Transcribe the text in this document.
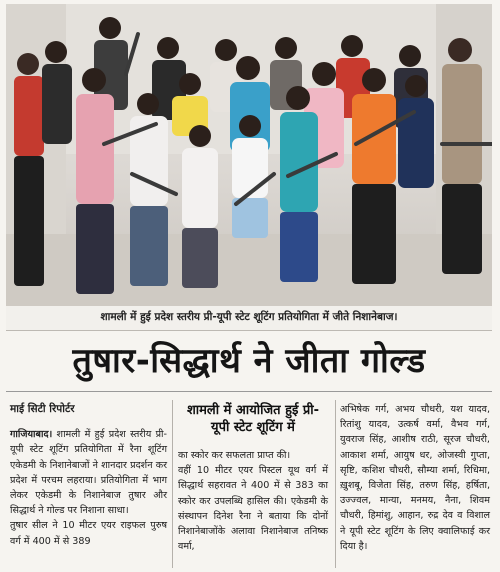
शामली में हुई प्रदेश स्तरीय प्री-यूपी स्टेट शूटिंग प्रतियोगिता में जीते निशानेबाज।
तुषार-सिद्धार्थ ने जीता गोल्ड
माई सिटी रिपोर्टर
गाजियाबाद। शामली में हुई प्रदेश स्तरीय प्री-यूपी स्टेट शूटिंग प्रतियोगिता में रैना शूटिंग एकेडमी के निशानेबाजों ने शानदार प्रदर्शन कर प्रदेश में परचम लहराया। प्रतियोगिता में भाग लेकर एकेडमी के निशानेबाज तुषार और सिद्धार्थ ने गोल्ड पर निशाना साधा।
तुषार सील ने 10 मीटर एयर राइफल पुरुष वर्ग में 400 में से 389
शामली में आयोजित हुई प्री-यूपी स्टेट शूटिंग में
का स्कोर कर सफलता प्राप्त की।
वहीं 10 मीटर एयर पिस्टल यूथ वर्ग में सिद्धार्थ सहरावत ने 400 में से 383 का स्कोर कर उपलब्धि हासिल की। एकेडमी के संस्थापन दिनेश रैना ने बताया कि दोनों निशानेबाजोंके अलावा निशानेबाज तनिष्क वर्मा,
अभिषेक गर्ग, अभय चौधरी, यश यादव, रितांशु यादव, उत्कर्ष वर्मा, वैभव गर्ग, युवराज सिंह, आशीष राठी, सूरज चौधरी, आकाश शर्मा, आयुष धर, ओजस्वी गुप्ता, सृष्टि, कशिश चौधरी, सौम्या शर्मा, रिधिमा, ख़ुशबू, विजेता सिंह, तरुण सिंह, हर्षिता, उज्ज्वल, मान्या, मनमय, नैना, शिवम चौधरी, हिमांशु, आहान, रुद्र देव व विशाल ने यूपी स्टेट शूटिंग के लिए क्वालिफाई कर दिया है।
